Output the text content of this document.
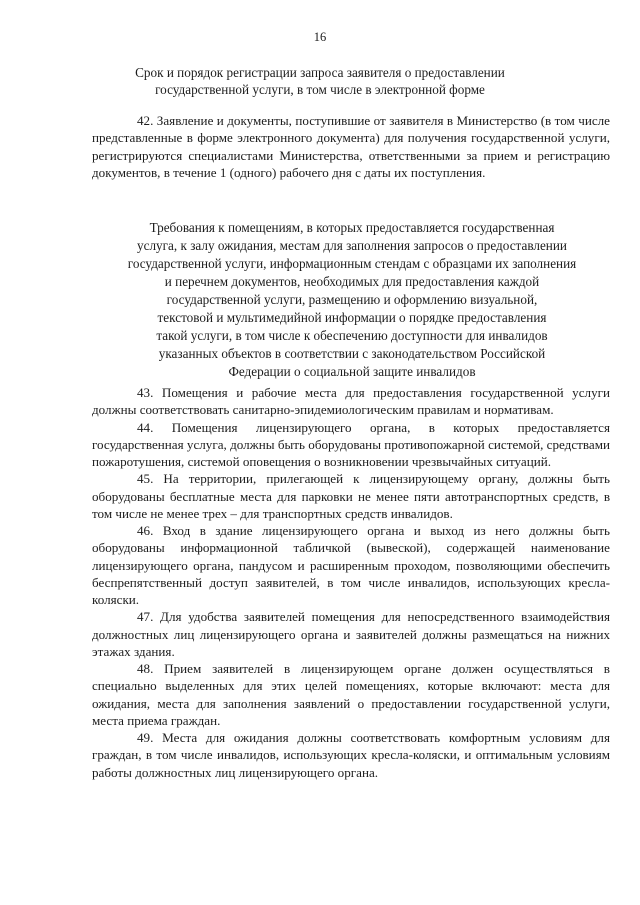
16
Срок и порядок регистрации запроса заявителя о предоставлении
государственной услуги, в том числе в электронной форме

42. Заявление и документы, поступившие от заявителя в Министерство (в том числе представленные в форме электронного документа) для получения государственной услуги, регистрируются специалистами Министерства, ответственными за прием и регистрацию документов, в течение 1 (одного) рабочего дня с даты их поступления.

Требования к помещениям, в которых предоставляется государственная
услуга, к залу ожидания, местам для заполнения запросов о предоставлении
государственной услуги, информационным стендам с образцами их заполнения
и перечнем документов, необходимых для предоставления каждой
государственной услуги, размещению и оформлению визуальной,
текстовой и мультимедийной информации о порядке предоставления
такой услуги, в том числе к обеспечению доступности для инвалидов
указанных объектов в соответствии с законодательством Российской
Федерации о социальной защите инвалидов

43. Помещения и рабочие места для предоставления государственной услуги должны соответствовать санитарно-эпидемиологическим правилам и нормативам.

44. Помещения лицензирующего органа, в которых предоставляется государственная услуга, должны быть оборудованы противопожарной системой, средствами пожаротушения, системой оповещения о возникновении чрезвычайных ситуаций.

45. На территории, прилегающей к лицензирующему органу, должны быть оборудованы бесплатные места для парковки не менее пяти автотранспортных средств, в том числе не менее трех – для транспортных средств инвалидов.

46. Вход в здание лицензирующего органа и выход из него должны быть оборудованы информационной табличкой (вывеской), содержащей наименование лицензирующего органа, пандусом и расширенным проходом, позволяющими обеспечить беспрепятственный доступ заявителей, в том числе инвалидов, использующих кресла-коляски.

47. Для удобства заявителей помещения для непосредственного взаимодействия должностных лиц лицензирующего органа и заявителей должны размещаться на нижних этажах здания.

48. Прием заявителей в лицензирующем органе должен осуществляться в специально выделенных для этих целей помещениях, которые включают: места для ожидания, места для заполнения заявлений о предоставлении государственной услуги, места приема граждан.

49. Места для ожидания должны соответствовать комфортным условиям для граждан, в том числе инвалидов, использующих кресла-коляски, и оптимальным условиям работы должностных лиц лицензирующего органа.
